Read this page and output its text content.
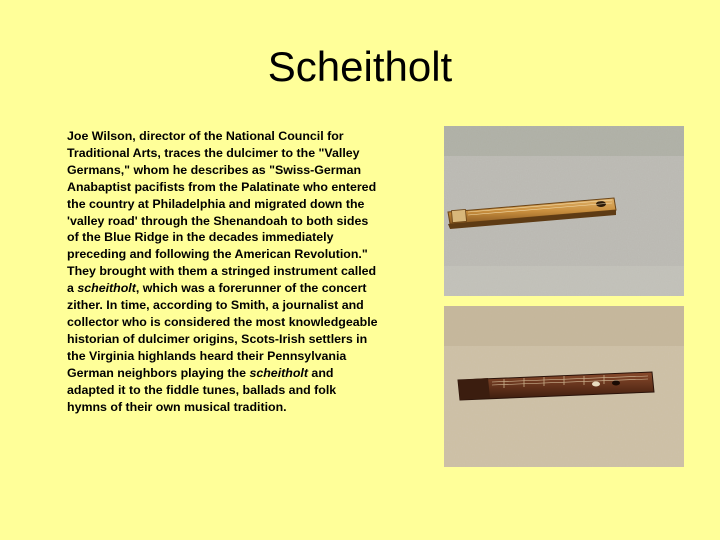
Scheitholt
Joe Wilson, director of the National Council for Traditional Arts, traces the dulcimer to the "Valley Germans," whom he describes as "Swiss-German Anabaptist pacifists from the Palatinate who entered the country at Philadelphia and migrated down the 'valley road' through the Shenandoah to both sides of the Blue Ridge in the decades immediately preceding and following the American Revolution." They brought with them a stringed instrument called a scheitholt, which was a forerunner of the concert zither. In time, according to Smith, a journalist and collector who is considered the most knowledgeable historian of dulcimer origins, Scots-Irish settlers in the Virginia highlands heard their Pennsylvania German neighbors playing the scheitholt and adapted it to the fiddle tunes, ballads and folk hymns of their own musical tradition.
